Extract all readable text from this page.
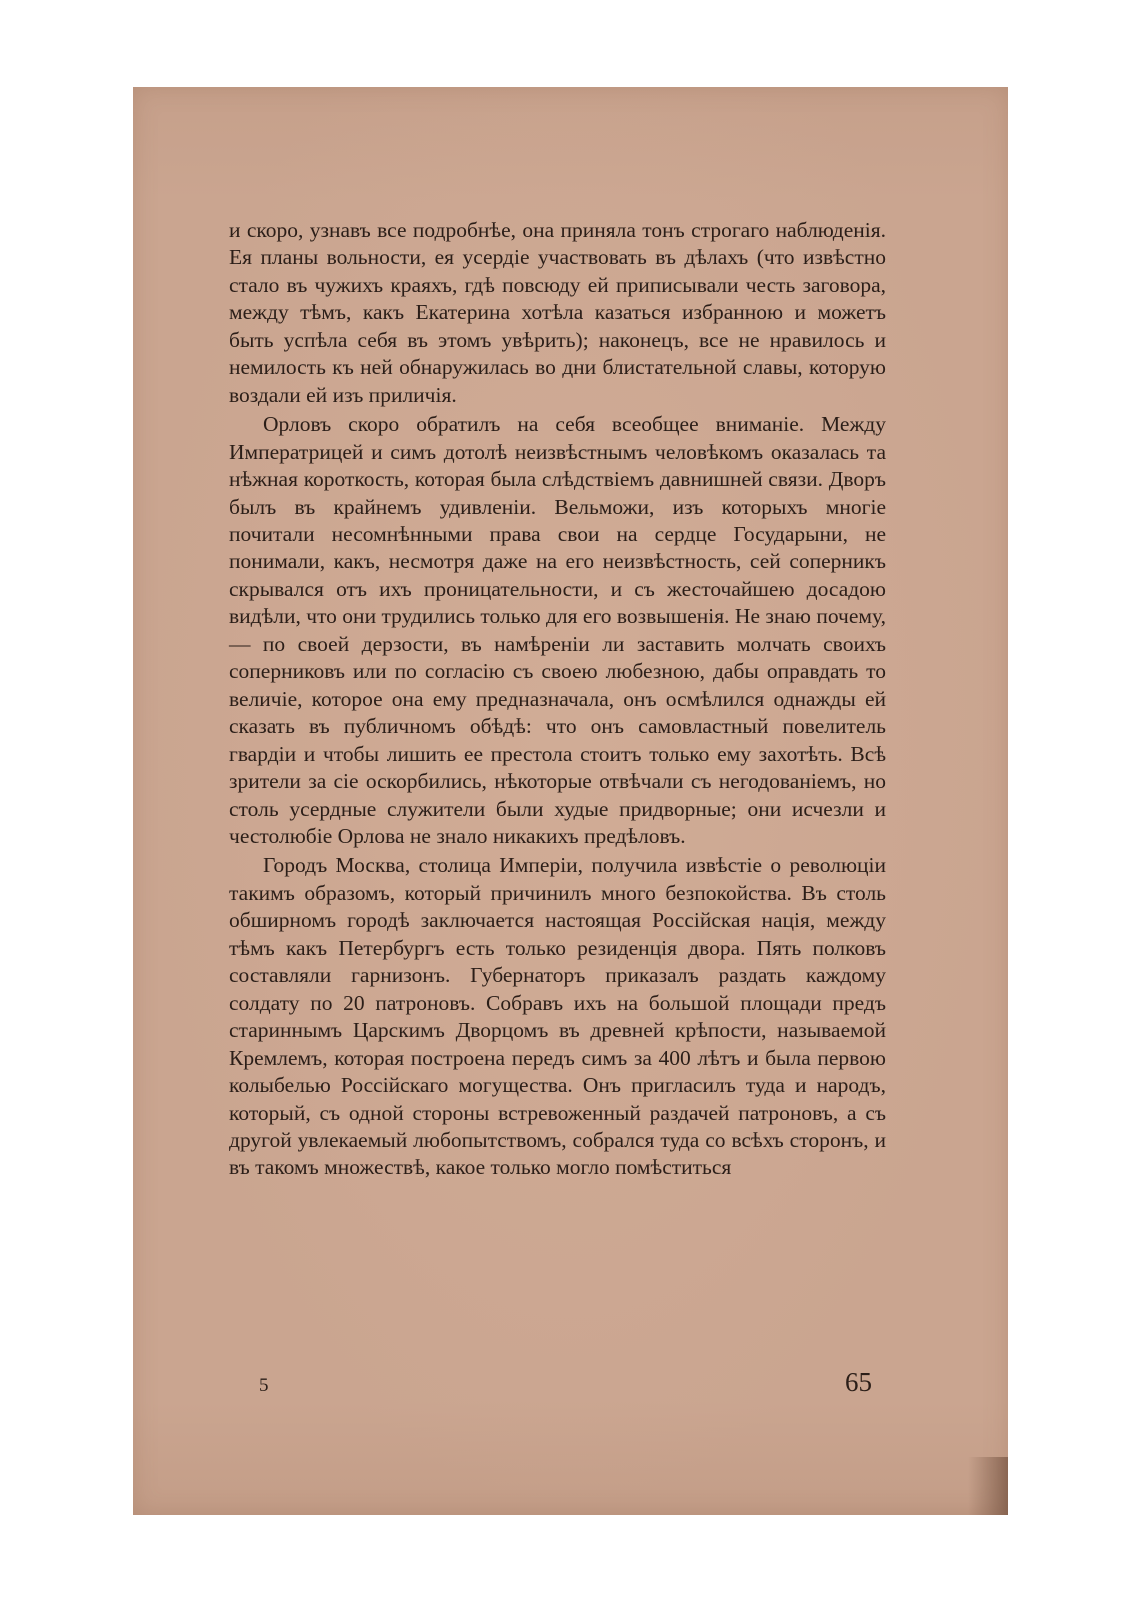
и скоро, узнавъ все подробнѣе, она приняла тонъ строгаго наблюденія. Ея планы вольности, ея усердіе участвовать въ дѣлахъ (что извѣстно стало въ чужихъ краяхъ, гдѣ повсюду ей приписывали честь заговора, между тѣмъ, какъ Екатерина хотѣла казаться избранною и можетъ быть успѣла себя въ этомъ увѣрить); наконецъ, все не нравилось и немилость къ ней обнаружилась во дни блистательной славы, которую воздали ей изъ приличія.

Орловъ скоро обратилъ на себя всеобщее вниманіе. Между Императрицей и симъ дотолѣ неизвѣстнымъ человѣкомъ оказалась та нѣжная короткость, которая была слѣдствіемъ давнишней связи. Дворъ былъ въ крайнемъ удивленіи. Вельможи, изъ которыхъ многіе почитали несомнѣнными права свои на сердце Государыни, не понимали, какъ, несмотря даже на его неизвѣстность, сей соперникъ скрывался отъ ихъ проницательности, и съ жесточайшею досадою видѣли, что они трудились только для его возвышенія. Не знаю почему, — по своей дерзости, въ намѣреніи ли заставить молчать своихъ соперниковъ или по согласію съ своею любезною, дабы оправдать то величіе, которое она ему предназначала, онъ осмѣлился однажды ей сказать въ публичномъ обѣдѣ: что онъ самовластный повелитель гвардіи и чтобы лишить ее престола стоитъ только ему захотѣть. Всѣ зрители за сіе оскорбились, нѣкоторые отвѣчали съ негодованіемъ, но столь усердные служители были худые придворные; они исчезли и честолюбіе Орлова не знало никакихъ предѣловъ.

Городъ Москва, столица Имперіи, получила извѣстіе о революціи такимъ образомъ, который причинилъ много безпокойства. Въ столь обширномъ городѣ заключается настоящая Россійская нація, между тѣмъ какъ Петербургъ есть только резиденція двора. Пять полковъ составляли гарнизонъ. Губернаторъ приказалъ раздать каждому солдату по 20 патроновъ. Собравъ ихъ на большой площади предъ стариннымъ Царскимъ Дворцомъ въ древней крѣпости, называемой Кремлемъ, которая построена передъ симъ за 400 лѣтъ и была первою колыбелью Россійскаго могущества. Онъ пригласилъ туда и народъ, который, съ одной стороны встревоженный раздачей патроновъ, а съ другой увлекаемый любопытствомъ, собрался туда со всѣхъ сторонъ, и въ такомъ множествѣ, какое только могло помѣститься

5	65
